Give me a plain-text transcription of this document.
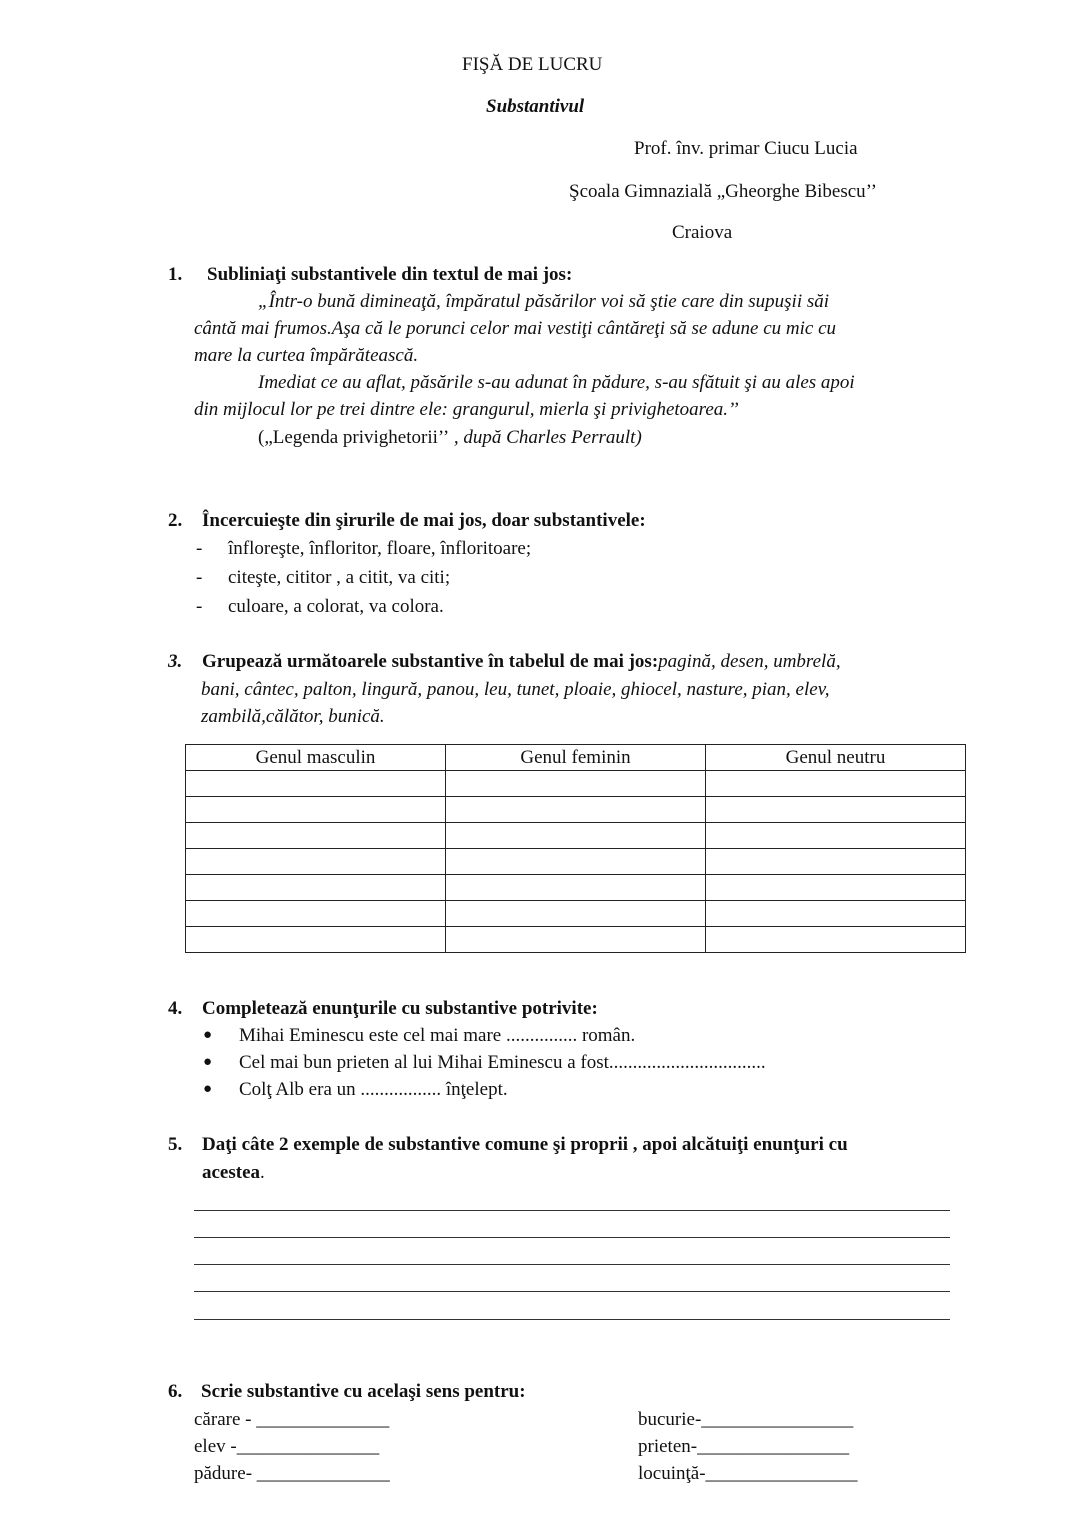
FIŞĂ DE LUCRU
Substantivul
Prof. înv. primar Ciucu Lucia
Şcoala Gimnazială „Gheorghe Bibescu’’
Craiova
1. Subliniaţi substantivele din textul de mai jos:
„Într-o bună dimineaţă, împăratul păsărilor voi să ştie care din supuşii săi
cântă mai frumos.Aşa că le porunci celor mai vestiţi cântăreţi să se adune cu mic cu
mare la curtea împărătească.
Imediat ce au aflat, păsările s-au adunat în pădure, s-au sfătuit şi au ales apoi
din mijlocul lor pe trei dintre ele: grangurul, mierla şi privighetoarea.’’
(„Legenda privighetorii’’ , după Charles Perrault)
2. Încercuieşte din şirurile de mai jos, doar substantivele:
- înfloreşte, înfloritor, floare, înfloritoare;
- citeşte, cititor , a citit, va citi;
- culoare, a colorat, va colora.
3. Grupează următoarele substantive în tabelul de mai jos:pagină, desen, umbrelă,
bani, cântec, palton, lingură, panou, leu, tunet, ploaie, ghiocel, nasture, pian, elev,
zambilă,călător, bunică.
Genul masculin	Genul feminin	Genul neutru

4. Completează enunţurile cu substantive potrivite:
● Mihai Eminescu este cel mai mare ............... român.
● Cel mai bun prieten al lui Mihai Eminescu a fost.................................
● Colţ Alb era un ................. înţelept.
5. Daţi câte 2 exemple de substantive comune şi proprii , apoi alcătuiţi enunţuri cu
acestea.
6. Scrie substantive cu acelaşi sens pentru:
cărare - ______________
elev -_______________
pădure- ______________
bucurie-________________
prieten-________________
locuinţă-________________
